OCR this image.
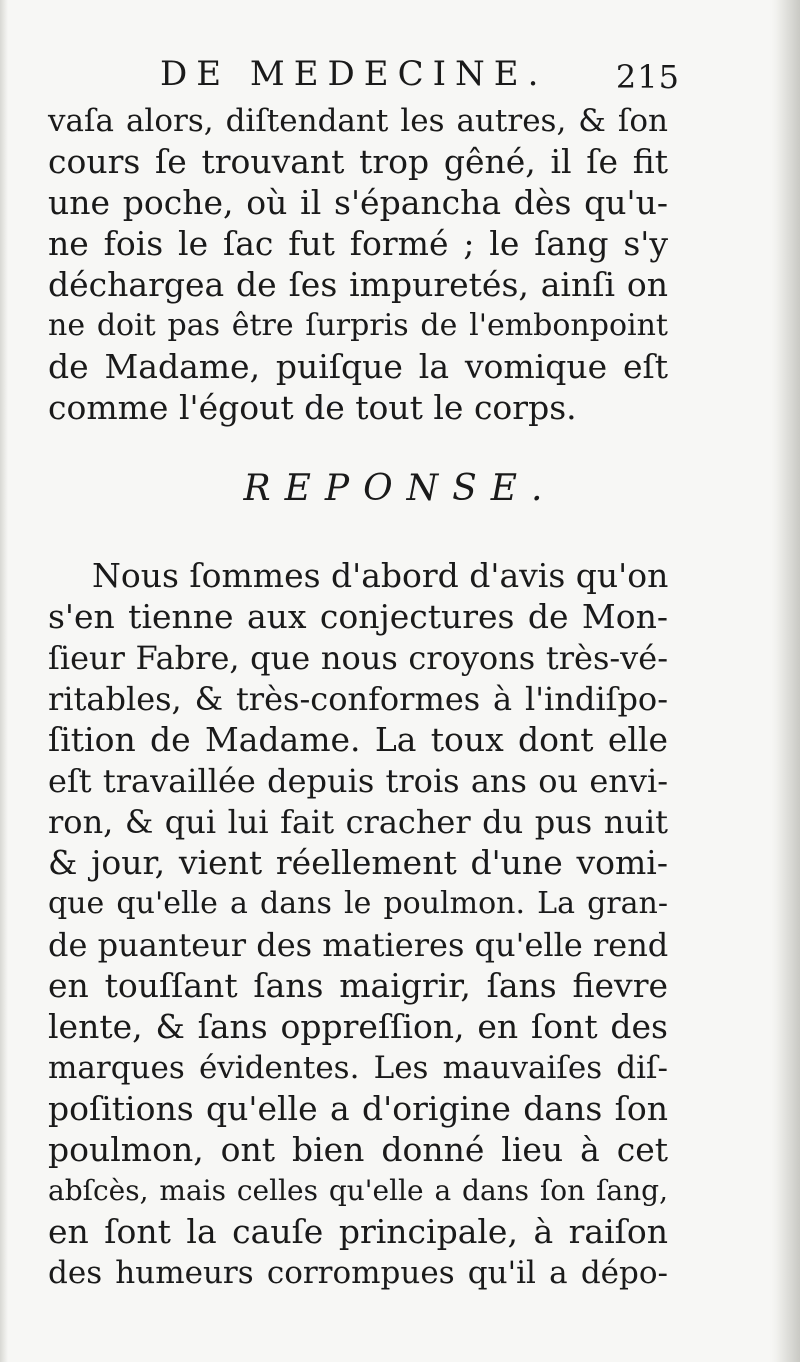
DE MEDECINE. 215
vaſa alors, diſtendant les autres, & ſon
cours ſe trouvant trop gêné, il ſe fit
une poche, où il s'épancha dès qu'u-
ne fois le ſac fut formé ; le ſang s'y
déchargea de ſes impuretés, ainſi on
ne doit pas être ſurpris de l'embonpoint
de Madame, puiſque la vomique eſt
comme l'égout de tout le corps.
REPONSE.
Nous ſommes d'abord d'avis qu'on
s'en tienne aux conjectures de Mon-
ſieur Fabre, que nous croyons très-vé-
ritables, & très-conformes à l'indiſpo-
ſition de Madame. La toux dont elle
eſt travaillée depuis trois ans ou envi-
ron, & qui lui fait cracher du pus nuit
& jour, vient réellement d'une vomi-
que qu'elle a dans le poulmon. La gran-
de puanteur des matieres qu'elle rend
en touſſant ſans maigrir, ſans fievre
lente, & ſans oppreſſion, en ſont des
marques évidentes. Les mauvaiſes diſ-
poſitions qu'elle a d'origine dans ſon
poulmon, ont bien donné lieu à cet
abſcès, mais celles qu'elle a dans ſon ſang,
en ſont la cauſe principale, à raiſon
des humeurs corrompues qu'il a dépo-
